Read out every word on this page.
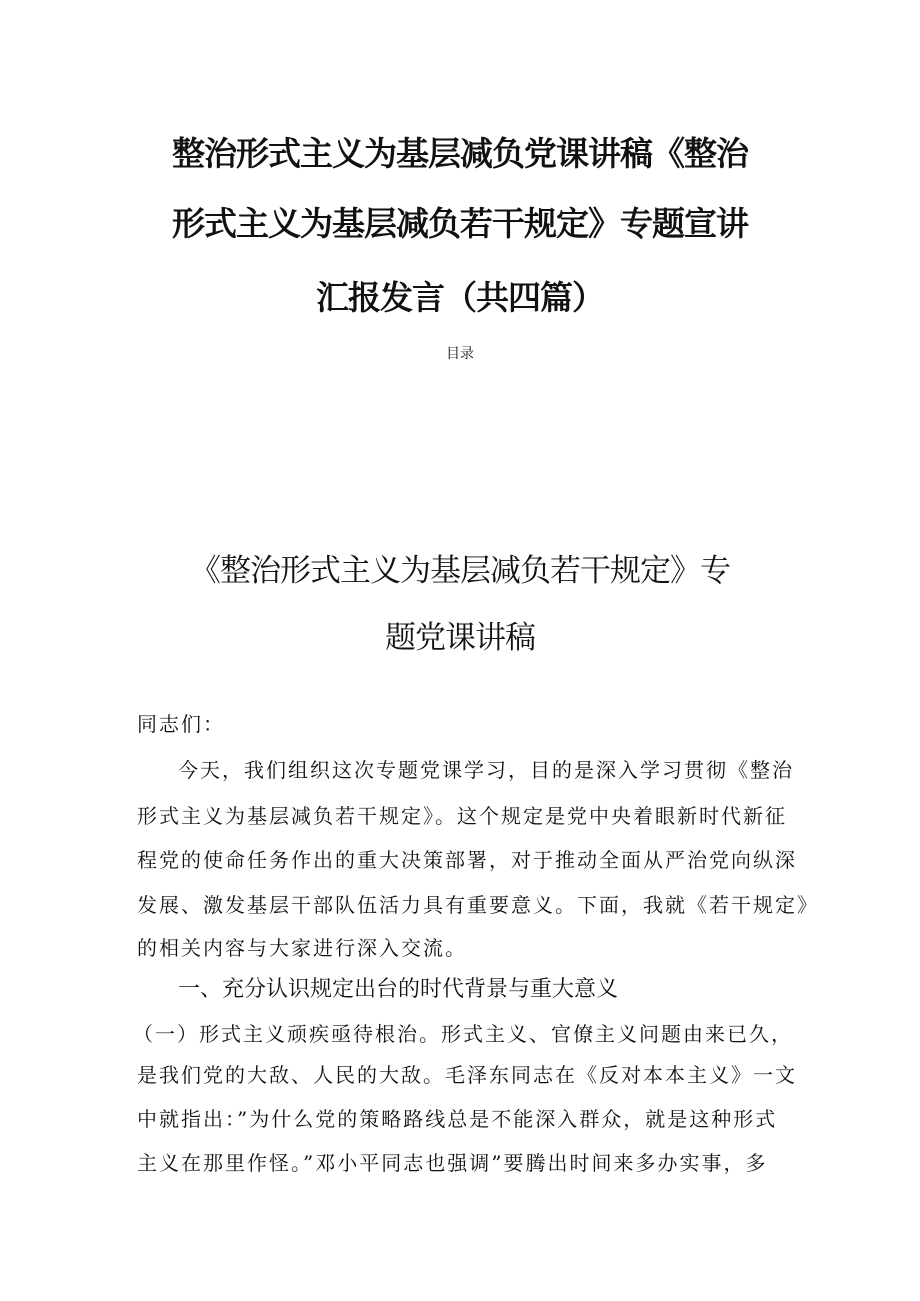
整治形式主义为基层减负党课讲稿《整治
形式主义为基层减负若干规定》专题宣讲
汇报发言（共四篇）
目录
《整治形式主义为基层减负若干规定》专
题党课讲稿
同志们：
今天，我们组织这次专题党课学习，目的是深入学习贯彻《整治
形式主义为基层减负若干规定》。这个规定是党中央着眼新时代新征
程党的使命任务作出的重大决策部署，对于推动全面从严治党向纵深
发展、激发基层干部队伍活力具有重要意义。下面，我就《若干规定》
的相关内容与大家进行深入交流。
一、充分认识规定出台的时代背景与重大意义
（一）形式主义顽疾亟待根治。形式主义、官僚主义问题由来已久，
是我们党的大敌、人民的大敌。毛泽东同志在《反对本本主义》一文
中就指出：”为什么党的策略路线总是不能深入群众，就是这种形式
主义在那里作怪。”邓小平同志也强调”要腾出时间来多办实事，多
